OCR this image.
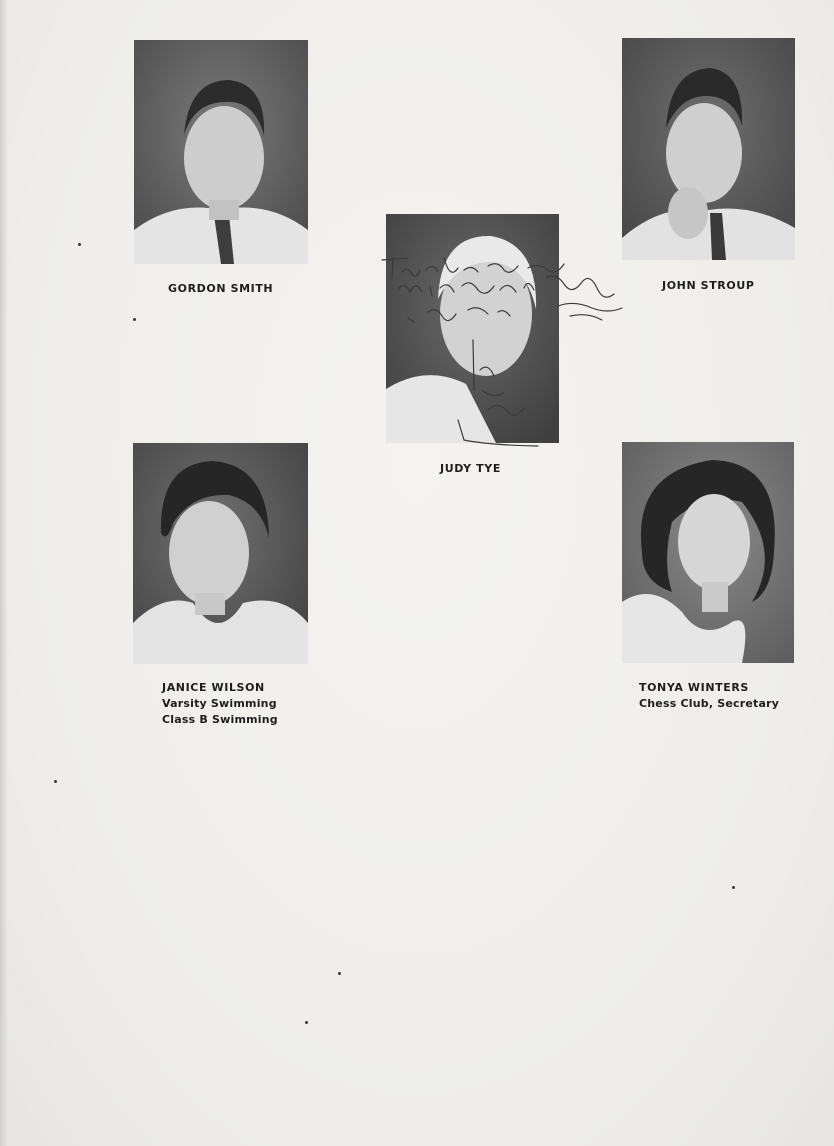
GORDON SMITH	JOHN STROUP
JUDY TYE
JANICE WILSON
Varsity Swimming
Class B Swimming
TONYA WINTERS
Chess Club, Secretary
